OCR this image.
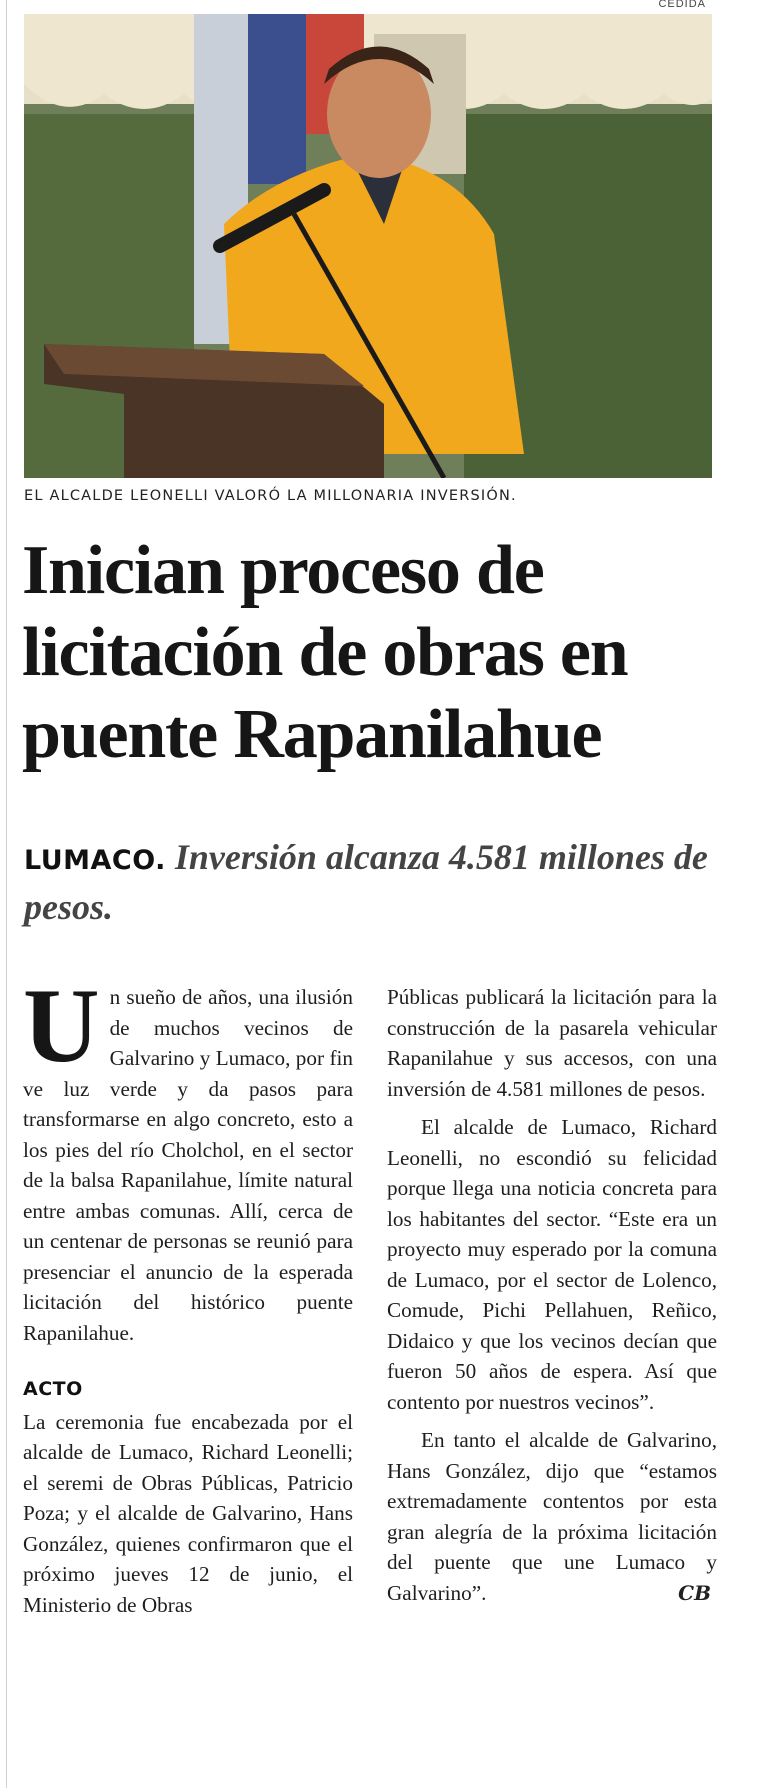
CEDIDA
EL ALCALDE LEONELLI VALORÓ LA MILLONARIA INVERSIÓN.
Inician proceso de
licitación de obras en
puente Rapanilahue

LUMACO. Inversión alcanza 4.581 millones de pesos.

Un sueño de años, una ilusión de muchos vecinos de Galvarino y Lumaco, por fin ve luz verde y da pasos para transformarse en algo concreto, esto a los pies del río Cholchol, en el sector de la balsa Rapanilahue, límite natural entre ambas comunas. Allí, cerca de un centenar de personas se reunió para presenciar el anuncio de la esperada licitación del histórico puente Rapanilahue.

ACTO

La ceremonia fue encabezada por el alcalde de Lumaco, Richard Leonelli; el seremi de Obras Públicas, Patricio Poza; y el alcalde de Galvarino, Hans González, quienes confirmaron que el próximo jueves 12 de junio, el Ministerio de Obras

Públicas publicará la licitación para la construcción de la pasarela vehicular Rapanilahue y sus accesos, con una inversión de 4.581 millones de pesos.

El alcalde de Lumaco, Richard Leonelli, no escondió su felicidad porque llega una noticia concreta para los habitantes del sector. “Este era un proyecto muy esperado por la comuna de Lumaco, por el sector de Lolenco, Comude, Pichi Pellahuen, Reñico, Didaico y que los vecinos decían que fueron 50 años de espera. Así que contento por nuestros vecinos”.

En tanto el alcalde de Galvarino, Hans González, dijo que “estamos extremadamente contentos por esta gran alegría de la próxima licitación del puente que une Lumaco y Galvarino”.	CB
